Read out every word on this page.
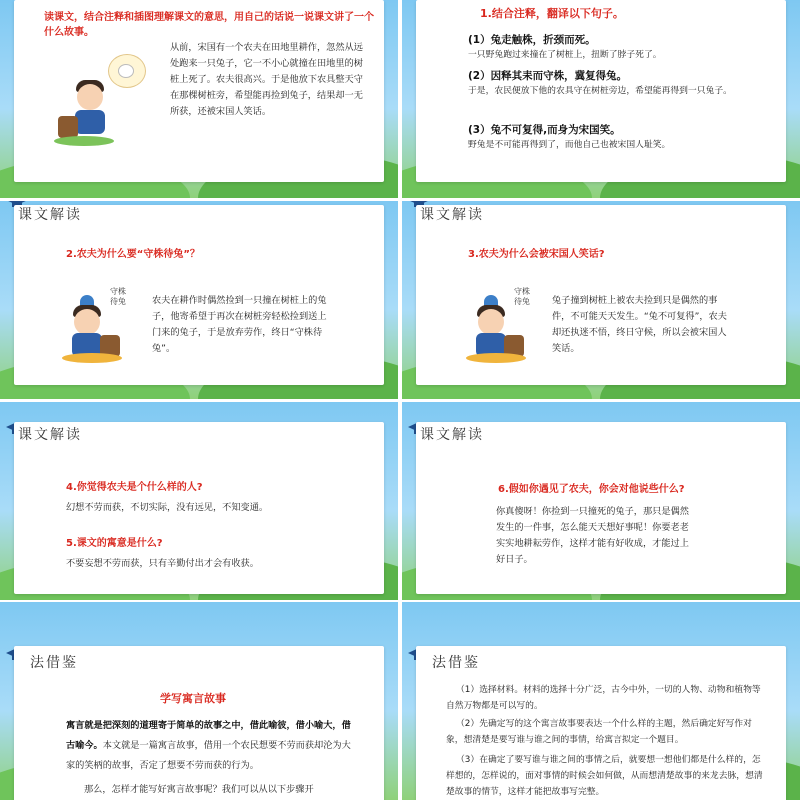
读课文，结合注释和插图理解课文的意思，用自己的话说一说课文讲了一个什么故事。
从前，宋国有一个农夫在田地里耕作，忽然从远处跑来一只兔子，它一不小心就撞在田地里的树桩上死了。农夫很高兴。于是他放下农具整天守在那棵树桩旁，希望能再捡到兔子，结果却一无所获，还被宋国人笑话。
1.结合注释，翻译以下句子。
(1）兔走触株，折颈而死。
一只野兔跑过来撞在了树桩上，扭断了脖子死了。
(2）因释其耒而守株，冀复得兔。
于是，农民便放下他的农具守在树桩旁边，希望能再得到一只兔子。
(3）兔不可复得,而身为宋国笑。
野兔是不可能再得到了，而他自己也被宋国人耻笑。
课文解读
2.农夫为什么要“守株待兔”？
守株待兔	农夫在耕作时偶然捡到一只撞在树桩上的兔子，他寄希望于再次在树桩旁轻松捡到送上门来的兔子，于是放弃劳作，终日“守株待兔”。
课文解读
3.农夫为什么会被宋国人笑话?
守株待兔	兔子撞到树桩上被农夫捡到只是偶然的事件，不可能天天发生。“兔不可复得”，农夫却还执迷不悟，终日守候，所以会被宋国人笑话。
课文解读
4.你觉得农夫是个什么样的人?
幻想不劳而获，不切实际，没有远见，不知变通。
5.课文的寓意是什么?
不要妄想不劳而获，只有辛勤付出才会有收获。
课文解读
6.假如你遇见了农夫，你会对他说些什么?
你真傻呀！你捡到一只撞死的兔子，那只是偶然发生的一件事，怎么能天天想好事呢！你要老老实实地耕耘劳作，这样才能有好收成，才能过上好日子。
法借鉴
学写寓言故事
寓言就是把深刻的道理寄于简单的故事之中，借此喻彼，借小喻大，借古喻今。本文就是一篇寓言故事，借用一个农民想要不劳而获却沦为大家的笑柄的故事，否定了想要不劳而获的行为。
那么，怎样才能写好寓言故事呢？我们可以从以下步骤开
法借鉴
（1）选择材料。材料的选择十分广泛，古今中外，一切的人物、动物和植物等自然万物都是可以写的。
（2）先确定写的这个寓言故事要表达一个什么样的主题，然后确定好写作对象，想清楚是要写谁与谁之间的事情，给寓言拟定一个题目。
（3）在确定了要写谁与谁之间的事情之后，就要想一想他们都是什么样的，怎样想的，怎样说的，面对事情的时候会如何做，从而想清楚故事的来龙去脉，想清楚故事的情节，这样才能把故事写完整。
